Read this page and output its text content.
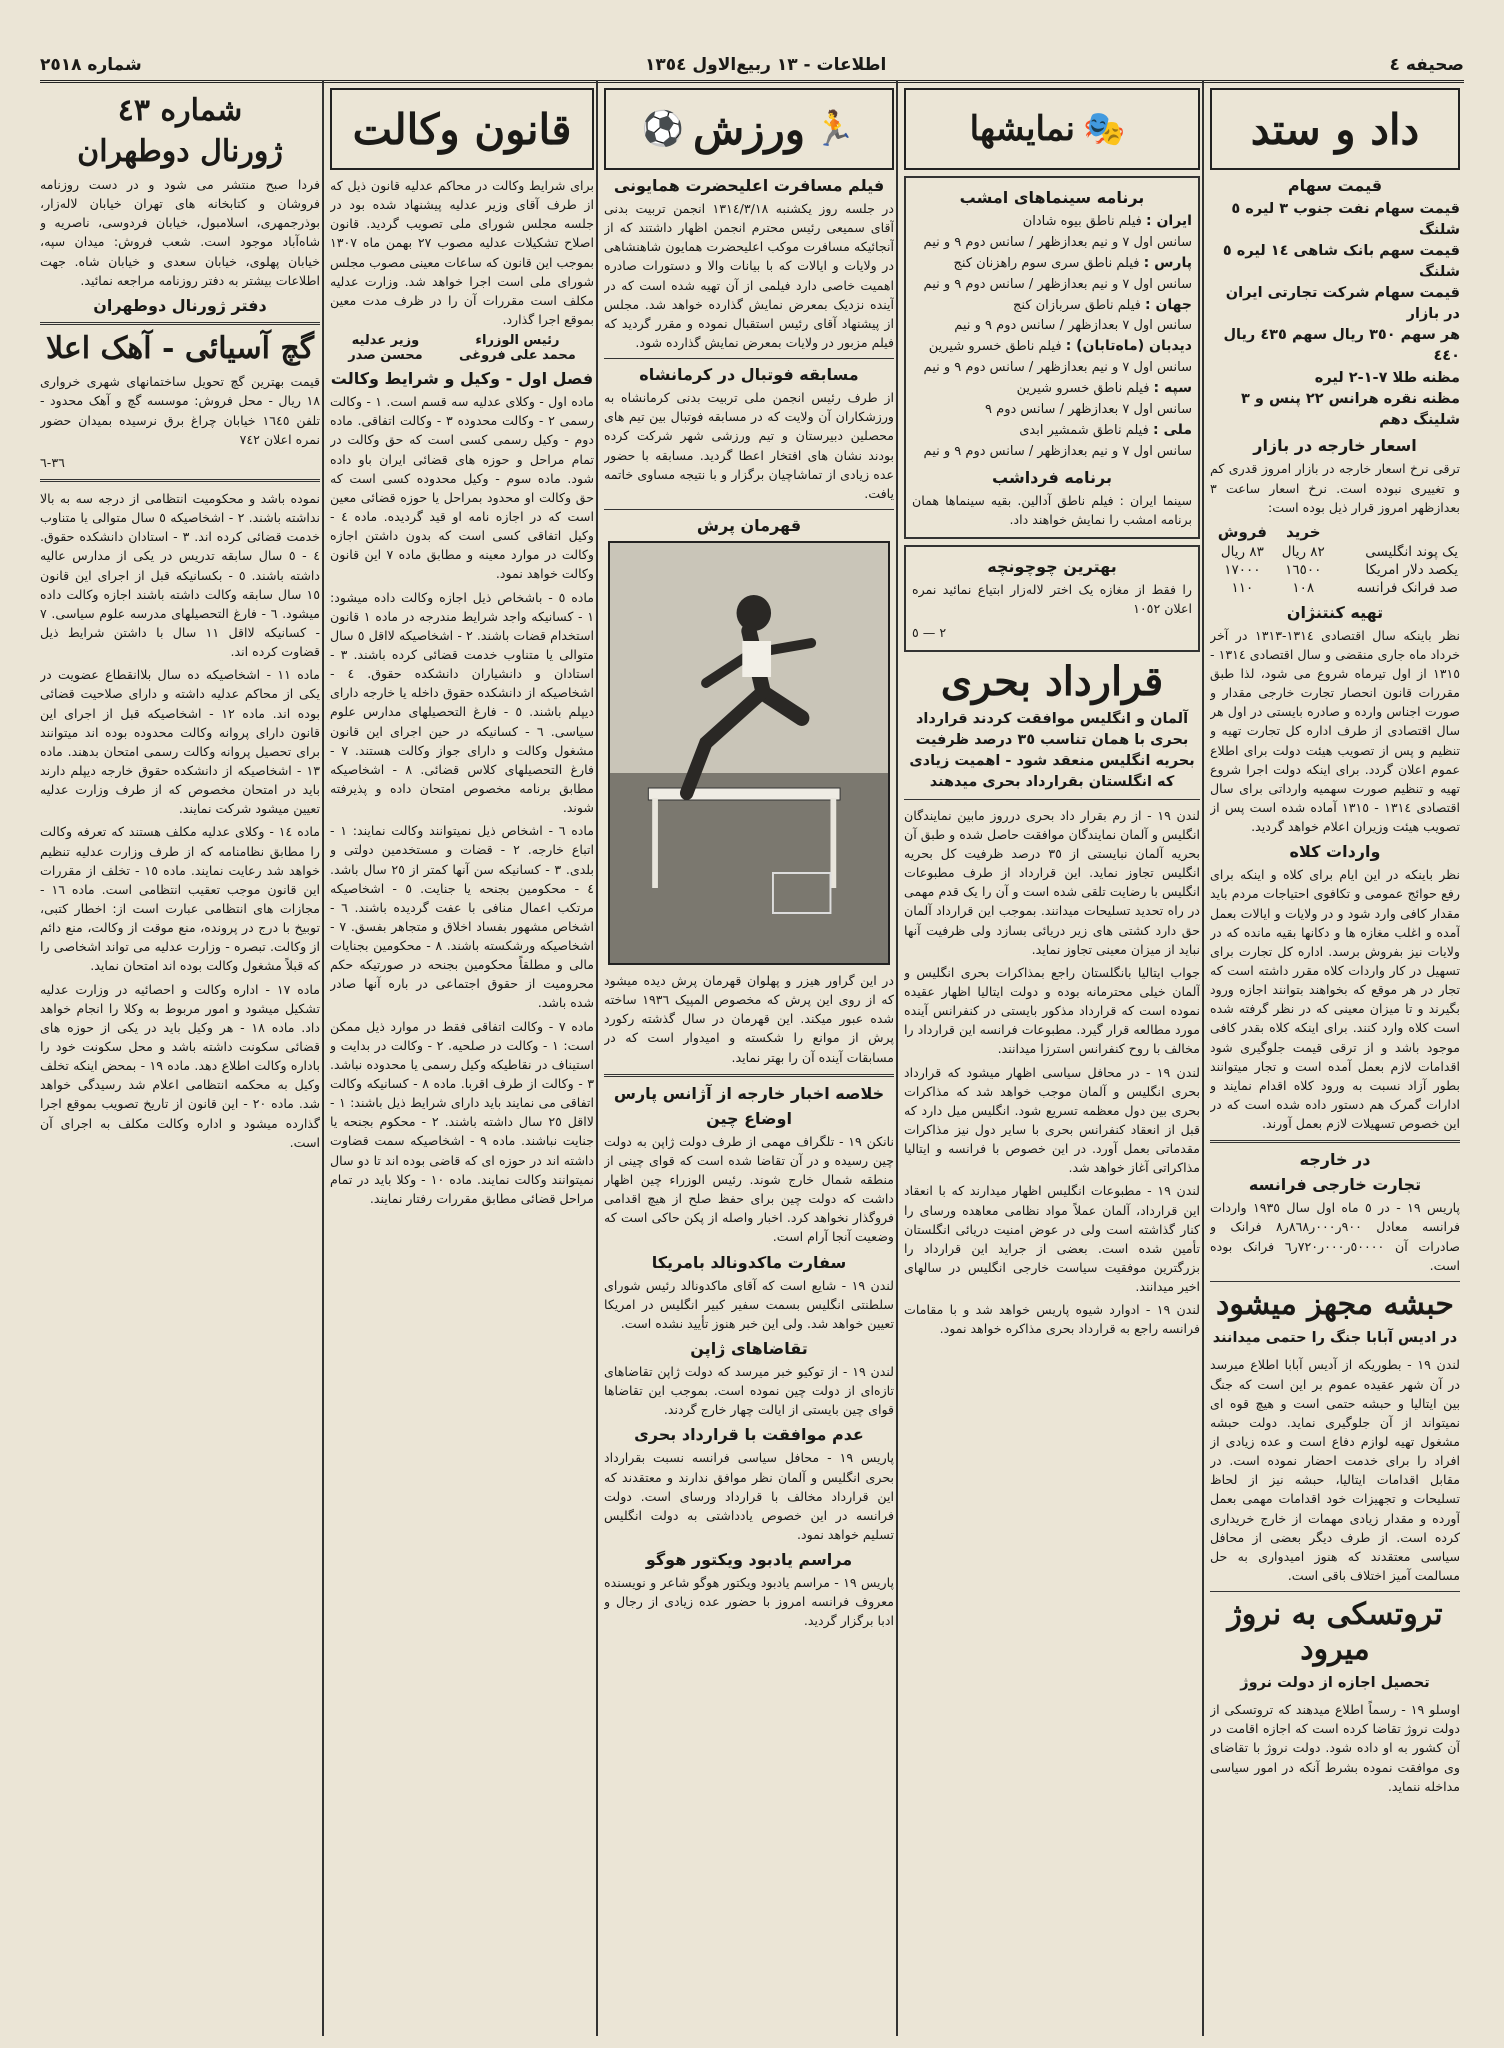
صحیفه ٤
اطلاعات - ١٣ ربیع‌الاول ١٣٥٤
شماره ٢٥١٨
داد و ستد
قیمت سهام
قیمت سهام نفت جنوب ٣ لیره ٥ شلنگ
قیمت سهم بانک شاهی ١٤ لیره ٥ شلنگ
قیمت سهام شرکت تجارتی ایران در بازار
هر سهم ٣٥٠ ریال سهم ٤٣٥ ریال ٤٤٠
مظنه طلا ٧-١-٢ لیره
مظنه نقره هرانس ٢٢ پنس و ٣ شلینگ دهم
اسعار خارجه در بازار

ترقی نرخ اسعار خارجه در بازار امروز قدری کم و تغییری نبوده است. نرخ اسعار ساعت ٣ بعدازظهر امروز قرار ذیل بوده است:

	خرید	فروش
یک پوند انگلیسی	٨٢ ریال	٨٣ ریال
یکصد دلار امریکا	١٦٥٠٠	١٧٠٠٠
صد فرانک فرانسه	١٠٨	١١٠
تهیه کنتنژان

نظر باینکه سال اقتصادی ١٣١٤-١٣١٣ در آخر خرداد ماه جاری منقضی و سال اقتصادی ١٣١٤ - ١٣١٥ از اول تیرماه شروع می شود، لذا طبق مقررات قانون انحصار تجارت خارجی مقدار و صورت اجناس وارده و صادره بایستی در اول هر سال اقتصادی از طرف اداره کل تجارت تهیه و تنظیم و پس از تصویب هیئت دولت برای اطلاع عموم اعلان گردد. برای اینکه دولت اجرا شروع تهیه و تنظیم صورت سهمیه وارداتی برای سال اقتصادی ١٣١٤ - ١٣١٥ آماده شده است پس از تصویب هیئت وزیران اعلام خواهد گردید.

واردات کلاه

نظر باینکه در این ایام برای کلاه و اینکه برای رفع حوائج عمومی و تکافوی احتیاجات مردم باید مقدار کافی وارد شود و در ولایات و ایالات بعمل آمده و اغلب مغازه ها و دکانها بقیه مانده که در ولایات نیز بفروش برسد. اداره کل تجارت برای تسهیل در کار واردات کلاه مقرر داشته است که تجار در هر موقع که بخواهند بتوانند اجازه ورود بگیرند و تا میزان معینی که در نظر گرفته شده است کلاه وارد کنند. برای اینکه کلاه بقدر کافی موجود باشد و از ترقی قیمت جلوگیری شود اقدامات لازم بعمل آمده است و تجار میتوانند بطور آزاد نسبت به ورود کلاه اقدام نمایند و ادارات گمرک هم دستور داده شده است که در این خصوص تسهیلات لازم بعمل آورند.

در خارجه
تجارت خارجی فرانسه

پاریس ١٩ - در ٥ ماه اول سال ١٩٣٥ واردات فرانسه معادل ٩٠٠ر٠٠٠ر٨٦٨ر٨ فرانک و صادرات آن ٥٠٠٠٠ر٠٠٠ر٧٢٠ر٦ فرانک بوده است.

حبشه مجهز میشود
در ادیس آبابا جنگ را حتمی میدانند

لندن ١٩ - بطوریکه از آدیس آبابا اطلاع میرسد در آن شهر عقیده عموم بر این است که جنگ بین ایتالیا و حبشه حتمی است و هیچ قوه ای نمیتواند از آن جلوگیری نماید. دولت حبشه مشغول تهیه لوازم دفاع است و عده زیادی از افراد را برای خدمت احضار نموده است. در مقابل اقدامات ایتالیا، حبشه نیز از لحاظ تسلیحات و تجهیزات خود اقدامات مهمی بعمل آورده و مقدار زیادی مهمات از خارج خریداری کرده است. از طرف دیگر بعضی از محافل سیاسی معتقدند که هنوز امیدواری به حل مسالمت آمیز اختلاف باقی است.

تروتسکی به نروژ میرود
تحصیل اجازه از دولت نروژ

اوسلو ١٩ - رسماً اطلاع میدهند که تروتسکی از دولت نروژ تقاضا کرده است که اجازه اقامت در آن کشور به او داده شود. دولت نروژ با تقاضای وی موافقت نموده بشرط آنکه در امور سیاسی مداخله ننماید.

🎭
نمایشها
برنامه سینماهای امشب
ایران : فیلم ناطق بیوه شادان
سانس اول ٧ و نیم بعدازظهر / سانس دوم ٩ و نیم
پارس : فیلم ناطق سری سوم راهزنان کنج
سانس اول ٧ و نیم بعدازظهر / سانس دوم ٩ و نیم
جهان : فیلم ناطق سربازان کنج
سانس اول ٧ بعدازظهر / سانس دوم ٩ و نیم
دیدبان (ماه‌تابان) : فیلم ناطق خسرو شیرین
سانس اول ٧ و نیم بعدازظهر / سانس دوم ٩ و نیم
سپه : فیلم ناطق خسرو شیرین
سانس اول ٧ بعدازظهر / سانس دوم ٩
ملی : فیلم ناطق شمشیر ابدی
سانس اول ٧ و نیم بعدازظهر / سانس دوم ٩ و نیم
برنامه فرداشب

سینما ایران : فیلم ناطق آدالین. بقیه سینماها همان برنامه امشب را نمایش خواهند داد.

بهترین چوچونچه

را فقط از مغازه یک اختر لاله‌زار ابتیاع نمائید نمره اعلان ١٠٥٢

٢ — ٥

قرارداد بحری
آلمان و انگلیس موافقت کردند قرارداد بحری با همان تناسب ٣٥ درصد ظرفیت بحریه انگلیس منعقد شود - اهمیت زیادی که انگلستان بقرارداد بحری میدهند

لندن ١٩ - از رم بقرار داد بحری درروز مابین نمایندگان انگلیس و آلمان نمایندگان موافقت حاصل شده و طبق آن بحریه آلمان نبایستی از ٣٥ درصد ظرفیت کل بحریه انگلیس تجاوز نماید. این قرارداد از طرف مطبوعات انگلیس با رضایت تلقی شده است و آن را یک قدم مهمی در راه تحدید تسلیحات میدانند. بموجب این قرارداد آلمان حق دارد کشتی های زیر دریائی بسازد ولی ظرفیت آنها نباید از میزان معینی تجاوز نماید.

جواب ایتالیا بانگلستان راجع بمذاکرات بحری انگلیس و آلمان خیلی محترمانه بوده و دولت ایتالیا اظهار عقیده نموده است که قرارداد مذکور بایستی در کنفرانس آینده مورد مطالعه قرار گیرد. مطبوعات فرانسه این قرارداد را مخالف با روح کنفرانس استرزا میدانند.

لندن ١٩ - در محافل سیاسی اظهار میشود که قرارداد بحری انگلیس و آلمان موجب خواهد شد که مذاکرات بحری بین دول معظمه تسریع شود. انگلیس میل دارد که قبل از انعقاد کنفرانس بحری با سایر دول نیز مذاکرات مقدماتی بعمل آورد. در این خصوص با فرانسه و ایتالیا مذاکراتی آغاز خواهد شد.

لندن ١٩ - مطبوعات انگلیس اظهار میدارند که با انعقاد این قرارداد، آلمان عملاً مواد نظامی معاهده ورسای را کنار گذاشته است ولی در عوض امنیت دریائی انگلستان تأمین شده است. بعضی از جراید این قرارداد را بزرگترین موفقیت سیاست خارجی انگلیس در سالهای اخیر میدانند.

لندن ١٩ - ادوارد شیوه پاریس خواهد شد و با مقامات فرانسه راجع به قرارداد بحری مذاکره خواهد نمود.

🏃
ورزش
⚽
فیلم مسافرت اعلیحضرت همایونی

در جلسه روز یکشنبه ١٣١٤/٣/١٨ انجمن تربیت بدنی آقای سمیعی رئیس محترم انجمن اظهار داشتند که از آنجائیکه مسافرت موکب اعلیحضرت همایون شاهنشاهی در ولایات و ایالات که با بیانات والا و دستورات صادره اهمیت خاصی دارد فیلمی از آن تهیه شده است که در آینده نزدیک بمعرض نمایش گذارده خواهد شد. مجلس از پیشنهاد آقای رئیس استقبال نموده و مقرر گردید که فیلم مزبور در ولایات بمعرض نمایش گذارده شود.

مسابقه فوتبال در کرمانشاه

از طرف رئیس انجمن ملی تربیت بدنی کرمانشاه به ورزشکاران آن ولایت که در مسابقه فوتبال بین تیم های محصلین دبیرستان و تیم ورزشی شهر شرکت کرده بودند نشان های افتخار اعطا گردید. مسابقه با حضور عده زیادی از تماشاچیان برگزار و با نتیجه مساوی خاتمه یافت.

قهرمان پرش

در این گراور هیزر و پهلوان قهرمان پرش دیده میشود که از روی این پرش که مخصوص المپیک ١٩٣٦ ساخته شده عبور میکند. این قهرمان در سال گذشته رکورد پرش از موانع را شکسته و امیدوار است که در مسابقات آینده آن را بهتر نماید.

خلاصه اخبار خارجه از آژانس پارس
اوضاع چین

نانکن ١٩ - تلگراف مهمی از طرف دولت ژاپن به دولت چین رسیده و در آن تقاضا شده است که قوای چینی از منطقه شمال خارج شوند. رئیس الوزراء چین اظهار داشت که دولت چین برای حفظ صلح از هیچ اقدامی فروگذار نخواهد کرد. اخبار واصله از پکن حاکی است که وضعیت آنجا آرام است.

سفارت ماکدونالد بامریکا

لندن ١٩ - شایع است که آقای ماکدونالد رئیس شورای سلطنتی انگلیس بسمت سفیر کبیر انگلیس در امریکا تعیین خواهد شد. ولی این خبر هنوز تأیید نشده است.

تقاضاهای ژاپن

لندن ١٩ - از توکیو خبر میرسد که دولت ژاپن تقاضاهای تازه‌ای از دولت چین نموده است. بموجب این تقاضاها قوای چین بایستی از ایالت چهار خارج گردند.

عدم موافقت با قرارداد بحری

پاریس ١٩ - محافل سیاسی فرانسه نسبت بقرارداد بحری انگلیس و آلمان نظر موافق ندارند و معتقدند که این قرارداد مخالف با قرارداد ورسای است. دولت فرانسه در این خصوص یادداشتی به دولت انگلیس تسلیم خواهد نمود.

مراسم یادبود ویکتور هوگو

پاریس ١٩ - مراسم یادبود ویکتور هوگو شاعر و نویسنده معروف فرانسه امروز با حضور عده زیادی از رجال و ادبا برگزار گردید.

قانون وکالت

برای شرایط وکالت در محاکم عدلیه قانون ذیل که از طرف آقای وزیر عدلیه پیشنهاد شده بود در جلسه مجلس شورای ملی تصویب گردید. قانون اصلاح تشکیلات عدلیه مصوب ٢٧ بهمن ماه ١٣٠٧ بموجب این قانون که ساعات معینی مصوب مجلس شورای ملی است اجرا خواهد شد. وزارت عدلیه مکلف است مقررات آن را در ظرف مدت معین بموقع اجرا گذارد.

رئیس الوزراء
محمد علی فروغی
وزیر عدلیه
محسن صدر
فصل اول - وکیل و شرایط وکالت

ماده اول - وکلای عدلیه سه قسم است. ١ - وکالت رسمی ٢ - وکالت محدوده ٣ - وکالت اتفاقی. ماده دوم - وکیل رسمی کسی است که حق وکالت در تمام مراحل و حوزه های قضائی ایران باو داده شود. ماده سوم - وکیل محدوده کسی است که حق وکالت او محدود بمراحل یا حوزه قضائی معین است که در اجازه نامه او قید گردیده. ماده ٤ - وکیل اتفاقی کسی است که بدون داشتن اجازه وکالت در موارد معینه و مطابق ماده ٧ این قانون وکالت خواهد نمود.

ماده ٥ - باشخاص ذیل اجازه وکالت داده میشود: ١ - کسانیکه واجد شرایط مندرجه در ماده ١ قانون استخدام قضات باشند. ٢ - اشخاصیکه لااقل ٥ سال متوالی یا متناوب خدمت قضائی کرده باشند. ٣ - استادان و دانشیاران دانشکده حقوق. ٤ - اشخاصیکه از دانشکده حقوق داخله یا خارجه دارای دیپلم باشند. ٥ - فارغ التحصیلهای مدارس علوم سیاسی. ٦ - کسانیکه در حین اجرای این قانون مشغول وکالت و دارای جواز وکالت هستند. ٧ - فارغ التحصیلهای کلاس قضائی. ٨ - اشخاصیکه مطابق برنامه مخصوص امتحان داده و پذیرفته شوند.

ماده ٦ - اشخاص ذیل نمیتوانند وکالت نمایند: ١ - اتباع خارجه. ٢ - قضات و مستخدمین دولتی و بلدی. ٣ - کسانیکه سن آنها کمتر از ٢٥ سال باشد. ٤ - محکومین بجنحه یا جنایت. ٥ - اشخاصیکه مرتکب اعمال منافی با عفت گردیده باشند. ٦ - اشخاص مشهور بفساد اخلاق و متجاهر بفسق. ٧ - اشخاصیکه ورشکسته باشند. ٨ - محکومین بجنایات مالی و مطلقاً محکومین بجنحه در صورتیکه حکم محرومیت از حقوق اجتماعی در باره آنها صادر شده باشد.

ماده ٧ - وکالت اتفاقی فقط در موارد ذیل ممکن است: ١ - وکالت در صلحیه. ٢ - وکالت در بدایت و استیناف در نقاطیکه وکیل رسمی یا محدوده نباشد. ٣ - وکالت از طرف اقربا. ماده ٨ - کسانیکه وکالت اتفاقی می نمایند باید دارای شرایط ذیل باشند: ١ - لااقل ٢٥ سال داشته باشند. ٢ - محکوم بجنحه یا جنایت نباشند. ماده ٩ - اشخاصیکه سمت قضاوت داشته اند در حوزه ای که قاضی بوده اند تا دو سال نمیتوانند وکالت نمایند. ماده ١٠ - وکلا باید در تمام مراحل قضائی مطابق مقررات رفتار نمایند.

شماره ٤٣
ژورنال دوطهران

فردا صبح منتشر می شود و در دست روزنامه فروشان و کتابخانه های تهران خیابان لاله‌زار، بوذرجمهری، اسلامبول، خیابان فردوسی، ناصریه و شاه‌آباد موجود است. شعب فروش: میدان سپه، خیابان پهلوی، خیابان سعدی و خیابان شاه. جهت اطلاعات بیشتر به دفتر روزنامه مراجعه نمائید.

دفتر ژورنال دوطهران
گچ آسیائی - آهک اعلا

قیمت بهترین گچ تحویل ساختمانهای شهری خرواری ١٨ ریال - محل فروش: موسسه گچ و آهک محدود - تلفن ١٦٤٥ خیابان چراغ برق نرسیده بمیدان حضور نمره اعلان ٧٤٢

٣٦-٦

نموده باشد و محکومیت انتظامی از درجه سه به بالا نداشته باشند. ٢ - اشخاصیکه ٥ سال متوالی یا متناوب خدمت قضائی کرده اند. ٣ - استادان دانشکده حقوق. ٤ - ٥ سال سابقه تدریس در یکی از مدارس عالیه داشته باشند. ٥ - بکسانیکه قبل از اجرای این قانون ١٥ سال سابقه وکالت داشته باشند اجازه وکالت داده میشود. ٦ - فارغ التحصیلهای مدرسه علوم سیاسی. ٧ - کسانیکه لااقل ١١ سال با داشتن شرایط ذیل قضاوت کرده اند.

ماده ١١ - اشخاصیکه ده سال بلاانقطاع عضویت در یکی از محاکم عدلیه داشته و دارای صلاحیت قضائی بوده اند. ماده ١٢ - اشخاصیکه قبل از اجرای این قانون دارای پروانه وکالت محدوده بوده اند میتوانند برای تحصیل پروانه وکالت رسمی امتحان بدهند. ماده ١٣ - اشخاصیکه از دانشکده حقوق خارجه دیپلم دارند باید در امتحان مخصوص که از طرف وزارت عدلیه تعیین میشود شرکت نمایند.

ماده ١٤ - وکلای عدلیه مکلف هستند که تعرفه وکالت را مطابق نظامنامه که از طرف وزارت عدلیه تنظیم خواهد شد رعایت نمایند. ماده ١٥ - تخلف از مقررات این قانون موجب تعقیب انتظامی است. ماده ١٦ - مجازات های انتظامی عبارت است از: اخطار کتبی، توبیخ با درج در پرونده، منع موقت از وکالت، منع دائم از وکالت. تبصره - وزارت عدلیه می تواند اشخاصی را که قبلاً مشغول وکالت بوده اند امتحان نماید.

ماده ١٧ - اداره وکالت و احصائیه در وزارت عدلیه تشکیل میشود و امور مربوط به وکلا را انجام خواهد داد. ماده ١٨ - هر وکیل باید در یکی از حوزه های قضائی سکونت داشته باشد و محل سکونت خود را باداره وکالت اطلاع دهد. ماده ١٩ - بمحض اینکه تخلف وکیل به محکمه انتظامی اعلام شد رسیدگی خواهد شد. ماده ٢٠ - این قانون از تاریخ تصویب بموقع اجرا گذارده میشود و اداره وکالت مکلف به اجرای آن است.
